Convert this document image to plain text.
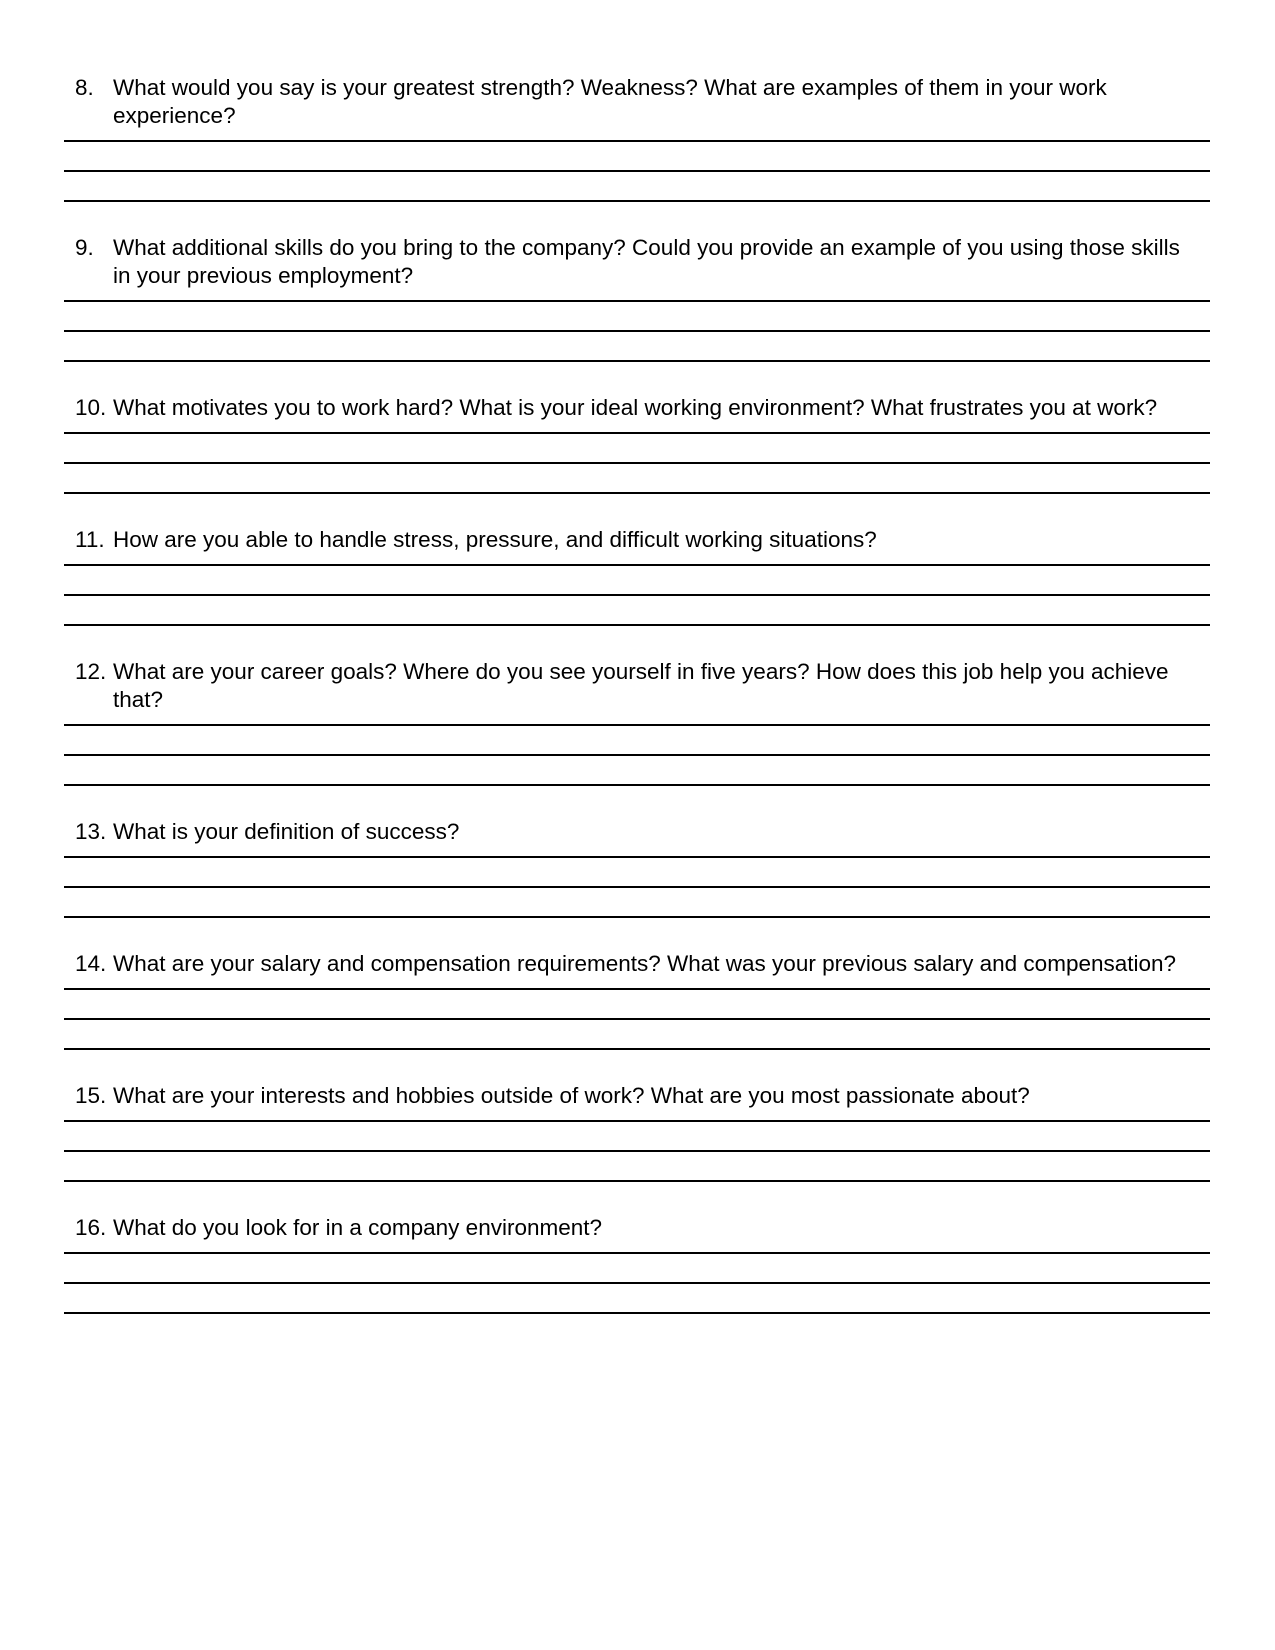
8. What would you say is your greatest strength? Weakness? What are examples of them in your work experience?
9. What additional skills do you bring to the company? Could you provide an example of you using those skills in your previous employment?
10. What motivates you to work hard? What is your ideal working environment? What frustrates you at work?
11. How are you able to handle stress, pressure, and difficult working situations?
12. What are your career goals? Where do you see yourself in five years? How does this job help you achieve that?
13. What is your definition of success?
14. What are your salary and compensation requirements? What was your previous salary and compensation?
15. What are your interests and hobbies outside of work? What are you most passionate about?
16. What do you look for in a company environment?
